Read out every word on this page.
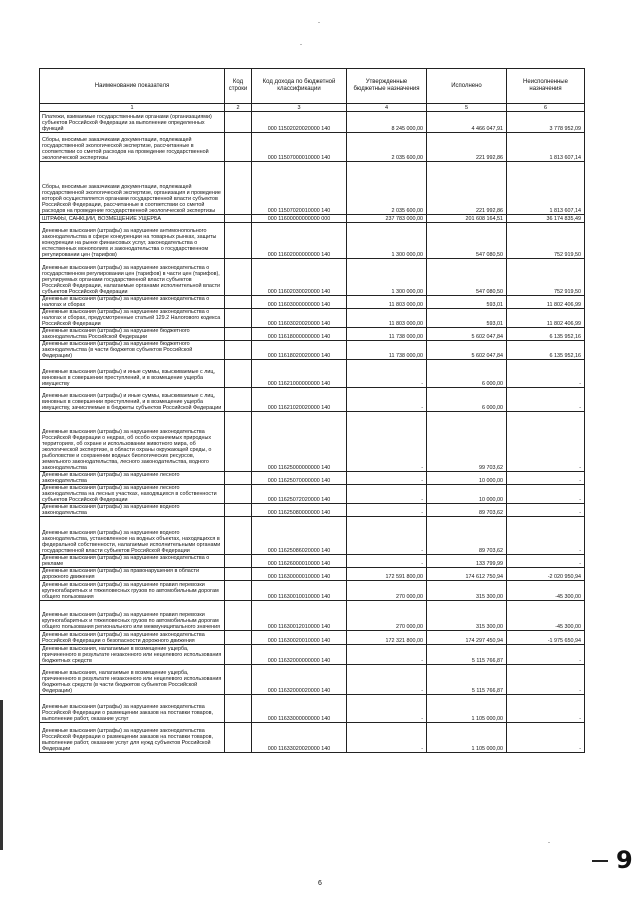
Наименование показателя	Код строки	Код дохода по бюджетной классификации	Утвержденные бюджетные назначения	Исполнено	Неисполненные назначения
1	2	3	4	5	6
Платежи, взимаемые государственными органами (организациями) субъектов Российской Федерации за выполнение определенных функций		000 11502020020000 140	8 245 000,00	4 466 047,91	3 778 952,09
Сборы, вносимые заказчиками документации, подлежащей государственной экологической экспертизе, рассчитанные в соответствии со сметой расходов на проведение государственной экологической экспертизы		000 11507000010000 140	2 035 600,00	221 992,86	1 813 607,14
Сборы, вносимые заказчиками документации, подлежащей государственной экологической экспертизе, организация и проведение которой осуществляется органами государственной власти субъектов Российской Федерации, рассчитанные в соответствии со сметой расходов на проведение государственной экологической экспертизы		000 11507020010000 140	2 035 600,00	221 992,86	1 813 607,14
ШТРАФЫ, САНКЦИИ, ВОЗМЕЩЕНИЕ УЩЕРБА		000 11600000000000 000	237 783 000,00	201 608 164,51	36 174 835,49
Денежные взыскания (штрафы) за нарушение антимонопольного законодательства в сфере конкуренции на товарных рынках, защиты конкуренции на рынке финансовых услуг, законодательства о естественных монополиях и законодательства о государственном регулировании цен (тарифов)		000 11602000000000 140	1 300 000,00	547 080,50	752 919,50
Денежные взыскания (штрафы) за нарушение законодательства о государственном регулировании цен (тарифов) в части цен (тарифов), регулируемых органами государственной власти субъектов Российской Федерации, налагаемые органами исполнительной власти субъектов Российской Федерации		000 11602030020000 140	1 300 000,00	547 080,50	752 919,50
Денежные взыскания (штрафы) за нарушение законодательства о налогах и сборах		000 11603000000000 140	11 803 000,00	593,01	11 802 406,99
Денежные взыскания (штрафы) за нарушение законодательства о налогах и сборах, предусмотренные статьей 129.2 Налогового кодекса Российской Федерации		000 11603020020000 140	11 803 000,00	593,01	11 802 406,99
Денежные взыскания (штрафы) за нарушение бюджетного законодательства Российской Федерации		000 11618000000000 140	11 738 000,00	5 602 047,84	6 135 952,16
Денежные взыскания (штрафы) за нарушение бюджетного законодательства (в части бюджетов субъектов Российской Федерации)		000 11618020020000 140	11 738 000,00	5 602 047,84	6 135 952,16
Денежные взыскания (штрафы) и иные суммы, взыскиваемые с лиц, виновных в совершении преступлений, и в возмещение ущерба имуществу		000 11621000000000 140	-	6 000,00	-
Денежные взыскания (штрафы) и иные суммы, взыскиваемые с лиц, виновных в совершении преступлений, и в возмещение ущерба имуществу, зачисляемые в бюджеты субъектов Российской Федерации		000 11621020020000 140	-	6 000,00	-
Денежные взыскания (штрафы) за нарушение законодательства Российской Федерации о недрах, об особо охраняемых природных территориях, об охране и использовании животного мира, об экологической экспертизе, в области охраны окружающей среды, о рыболовстве и сохранении водных биологических ресурсов, земельного законодательства, лесного законодательства, водного законодательства		000 11625000000000 140	-	99 703,62	-
Денежные взыскания (штрафы) за нарушение лесного законодательства		000 11625070000000 140	-	10 000,00	-
Денежные взыскания (штрафы) за нарушение лесного законодательства на лесных участках, находящихся в собственности субъектов Российской Федерации		000 11625072020000 140	-	10 000,00	-
Денежные взыскания (штрафы) за нарушение водного законодательства		000 11625080000000 140	-	89 703,62	-
Денежные взыскания (штрафы) за нарушение водного законодательства, установленное на водных объектах, находящихся в федеральной собственности, налагаемые исполнительными органами государственной власти субъектов Российской Федерации		000 11625086020000 140	-	89 703,62	-
Денежные взыскания (штрафы) за нарушение законодательства о рекламе		000 11626000010000 140	-	133 799,99	-
Денежные взыскания (штрафы) за правонарушения в области дорожного движения		000 11630000010000 140	172 591 800,00	174 612 750,94	-2 020 950,94
Денежные взыскания (штрафы) за нарушение правил перевозки крупногабаритных и тяжеловесных грузов по автомобильным дорогам общего пользования		000 11630010010000 140	270 000,00	315 300,00	-45 300,00
Денежные взыскания (штрафы) за нарушение правил перевозки крупногабаритных и тяжеловесных грузов по автомобильным дорогам общего пользования регионального или межмуниципального значения		000 11630012010000 140	270 000,00	315 300,00	-45 300,00
Денежные взыскания (штрафы) за нарушение законодательства Российской Федерации о безопасности дорожного движения		000 11630020010000 140	172 321 800,00	174 297 450,94	-1 975 650,94
Денежные взыскания, налагаемые в возмещение ущерба, причиненного в результате незаконного или нецелевого использования бюджетных средств		000 11632000000000 140	-	5 115 766,87	-
Денежные взыскания, налагаемые в возмещение ущерба, причиненного в результате незаконного или нецелевого использования бюджетных средств (в части бюджетов субъектов Российской Федерации)		000 11632000020000 140	-	5 115 766,87	-
Денежные взыскания (штрафы) за нарушение законодательства Российской Федерации о размещении заказов на поставки товаров, выполнение работ, оказание услуг		000 11633000000000 140	-	1 105 000,00	-
Денежные взыскания (штрафы) за нарушение законодательства Российской Федерации о размещении заказов на поставки товаров, выполнение работ, оказание услуг для нужд субъектов Российской Федерации		000 11633020020000 140	-	1 105 000,00	-
6
9
